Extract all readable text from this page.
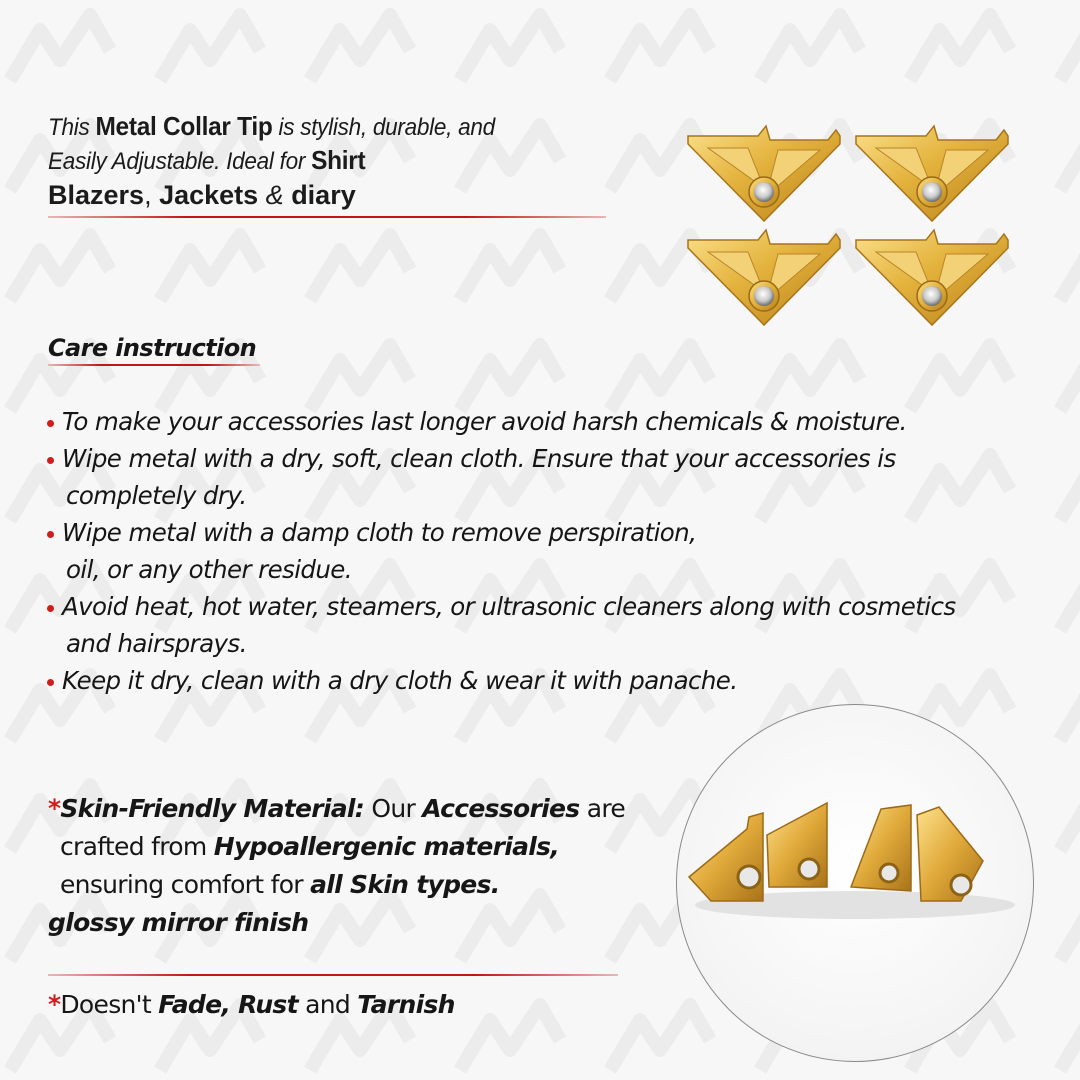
This Metal Collar Tip is stylish, durable, and
Easily Adjustable. Ideal for Shirt
Blazers, Jackets & diary
Care instruction
To make your accessories last longer avoid harsh chemicals & moisture.
Wipe metal with a dry, soft, clean cloth. Ensure that your accessories is
completely dry.
Wipe metal with a damp cloth to remove perspiration,
oil, or any other residue.
Avoid heat, hot water, steamers, or ultrasonic cleaners along with cosmetics
and hairsprays.
Keep it dry, clean with a dry cloth & wear it with panache.
*Skin-Friendly Material: Our Accessories are
crafted from Hypoallergenic materials,
ensuring comfort for all Skin types.
glossy mirror finish
*Doesn't Fade, Rust and Tarnish
